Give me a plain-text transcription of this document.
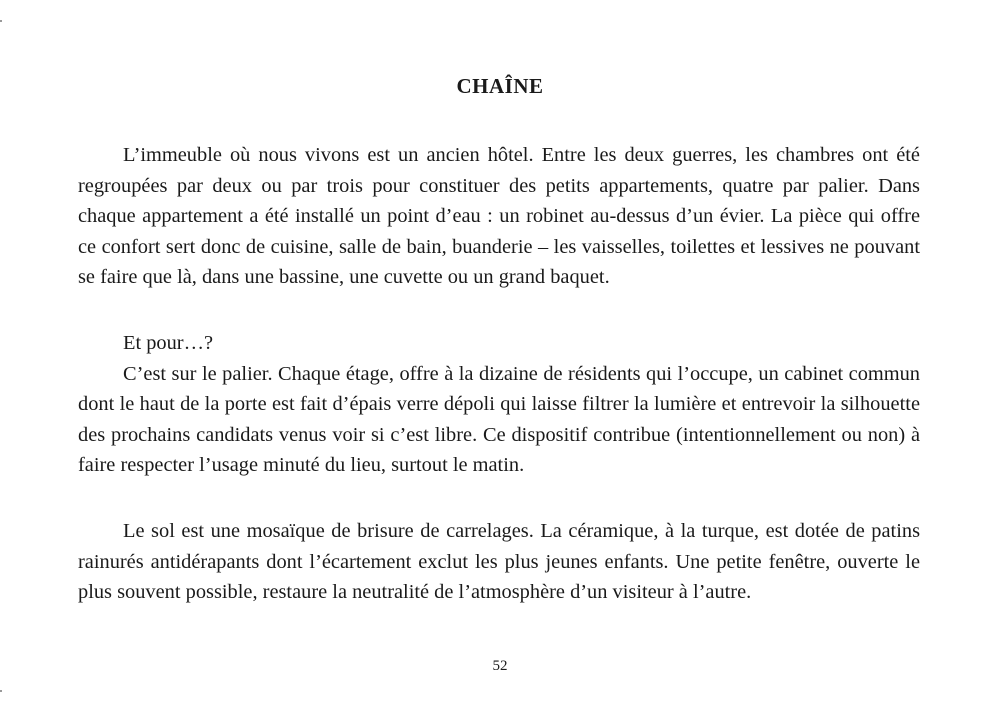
CHAÎNE

L’immeuble où nous vivons est un ancien hôtel. Entre les deux guerres, les chambres ont été regroupées par deux ou par trois pour constituer des petits appartements, quatre par palier. Dans chaque appartement a été installé un point d’eau : un robinet au-dessus d’un évier. La pièce qui offre ce confort sert donc de cuisine, salle de bain, buanderie – les vaisselles, toilettes et lessives ne pouvant se faire que là, dans une bassine, une cuvette ou un grand baquet.

Et pour…?

C’est sur le palier. Chaque étage, offre à la dizaine de résidents qui l’occupe, un cabinet commun dont le haut de la porte est fait d’épais verre dépoli qui laisse filtrer la lumière et entrevoir la silhouette des prochains candidats venus voir si c’est libre. Ce dispositif contribue (intentionnellement ou non) à faire respecter l’usage minuté du lieu, surtout le matin.

Le sol est une mosaïque de brisure de carrelages. La céramique, à la turque, est dotée de patins rainurés antidérapants dont l’écartement exclut les plus jeunes enfants. Une petite fenêtre, ouverte le plus souvent possible, restaure la neutralité de l’atmosphère d’un visiteur à l’autre.

52
